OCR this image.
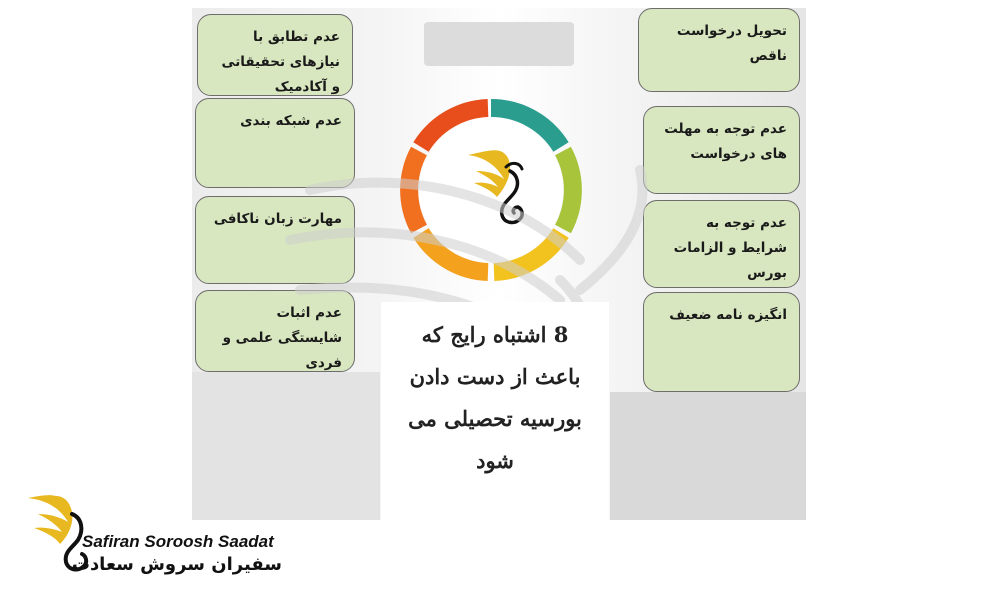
عدم تطابق با نیازهای تحقیقاتی و آکادمیک
عدم شبکه بندی
مهارت زبان ناکافی
عدم اثبات شایستگی علمی و فردی
تحویل درخواست ناقص
عدم توجه به مهلت های درخواست
عدم توجه به شرایط و الزامات بورس
انگیزه نامه ضعیف
8 اشتباه رایج که باعث از دست دادن بورسیه تحصیلی می شود
Safiran Soroosh Saadat
سفیران سروش سعادت
